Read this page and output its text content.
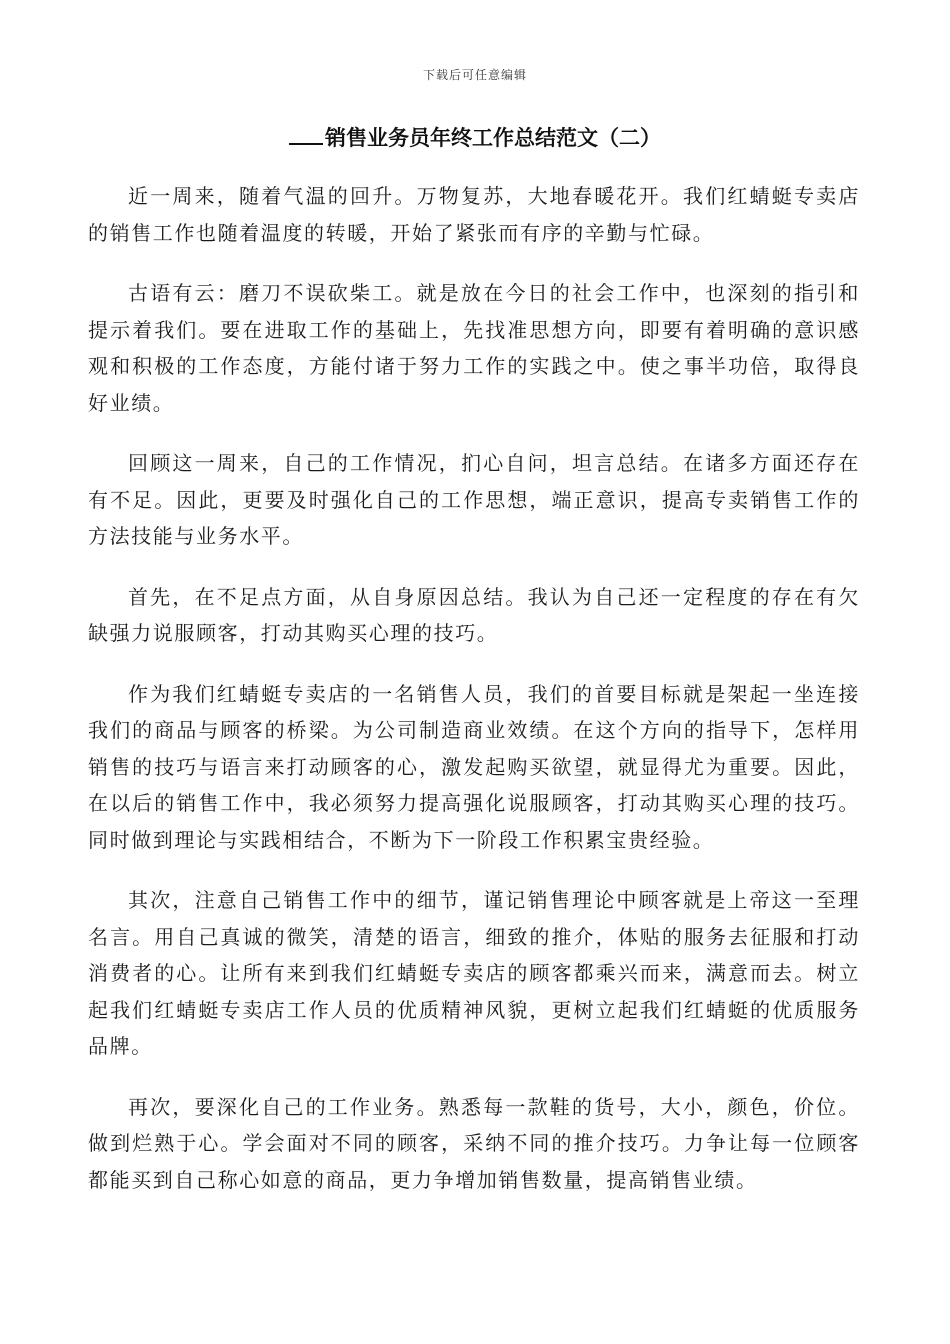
下载后可任意编辑
销售业务员年终工作总结范文（二）

近一周来，随着气温的回升。万物复苏，大地春暖花开。我们红蜻蜓专卖店的销售工作也随着温度的转暖，开始了紧张而有序的辛勤与忙碌。

古语有云：磨刀不误砍柴工。就是放在今日的社会工作中，也深刻的指引和提示着我们。要在进取工作的基础上，先找准思想方向，即要有着明确的意识感观和积极的工作态度，方能付诸于努力工作的实践之中。使之事半功倍，取得良好业绩。

回顾这一周来，自己的工作情况，扪心自问，坦言总结。在诸多方面还存在有不足。因此，更要及时强化自己的工作思想，端正意识，提高专卖销售工作的方法技能与业务水平。

首先，在不足点方面，从自身原因总结。我认为自己还一定程度的存在有欠缺强力说服顾客，打动其购买心理的技巧。

作为我们红蜻蜓专卖店的一名销售人员，我们的首要目标就是架起一坐连接我们的商品与顾客的桥梁。为公司制造商业效绩。在这个方向的指导下，怎样用销售的技巧与语言来打动顾客的心，激发起购买欲望，就显得尤为重要。因此，在以后的销售工作中，我必须努力提高强化说服顾客，打动其购买心理的技巧。同时做到理论与实践相结合，不断为下一阶段工作积累宝贵经验。

其次，注意自己销售工作中的细节，谨记销售理论中顾客就是上帝这一至理名言。用自己真诚的微笑，清楚的语言，细致的推介，体贴的服务去征服和打动消费者的心。让所有来到我们红蜻蜓专卖店的顾客都乘兴而来，满意而去。树立起我们红蜻蜓专卖店工作人员的优质精神风貌，更树立起我们红蜻蜓的优质服务品牌。

再次，要深化自己的工作业务。熟悉每一款鞋的货号，大小，颜色，价位。做到烂熟于心。学会面对不同的顾客，采纳不同的推介技巧。力争让每一位顾客都能买到自己称心如意的商品，更力争增加销售数量，提高销售业绩。
